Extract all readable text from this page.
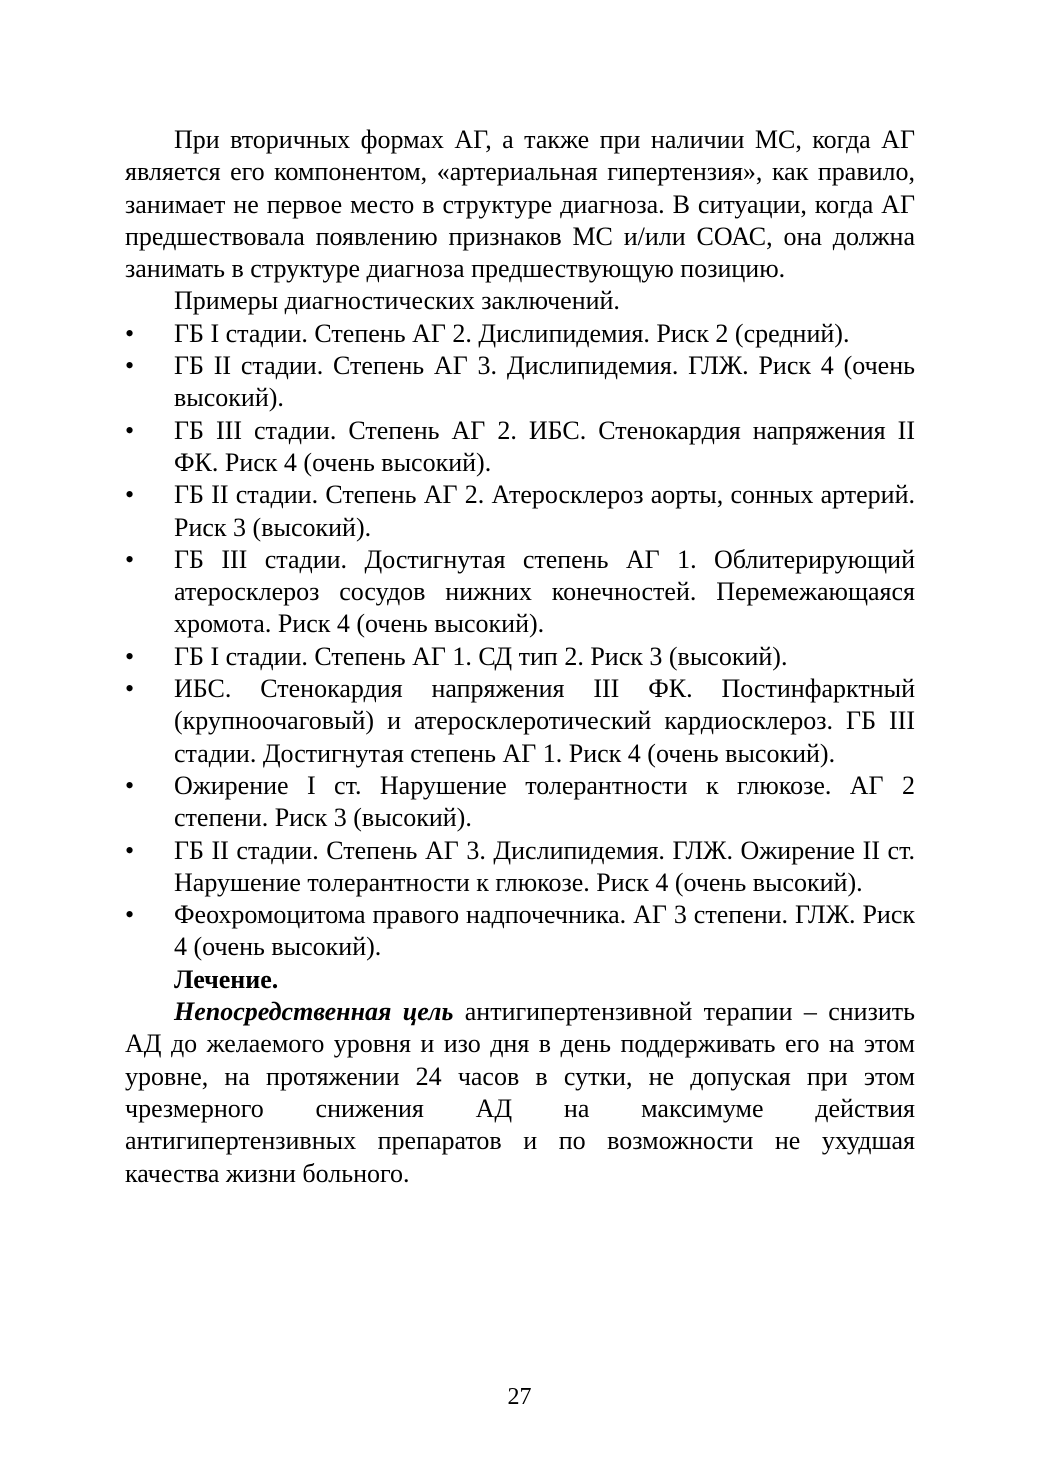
При вторичных формах АГ, а также при наличии МС, когда АГ является его компонентом, «артериальная гипертензия», как правило, занимает не первое место в структуре диагноза. В ситуации, когда АГ предшествовала появлению признаков МС и/или СОАС, она должна занимать в структуре диагноза предшествующую позицию.

Примеры диагностических заключений.

• ГБ I стадии. Степень АГ 2. Дислипидемия. Риск 2 (средний).
• ГБ II стадии. Степень АГ 3. Дислипидемия. ГЛЖ. Риск 4 (очень высокий).
• ГБ III стадии. Степень АГ 2. ИБС. Стенокардия напряжения II ФК. Риск 4 (очень высокий).
• ГБ II стадии. Степень АГ 2. Атеросклероз аорты, сонных артерий. Риск 3 (высокий).
• ГБ III стадии. Достигнутая степень АГ 1. Облитерирующий атеросклероз сосудов нижних конечностей. Перемежающаяся хромота. Риск 4 (очень высокий).
• ГБ I стадии. Степень АГ 1. СД тип 2. Риск 3 (высокий).
• ИБС. Стенокардия напряжения III ФК. Постинфарктный (крупноочаговый) и атеросклеротический кардиосклероз. ГБ III стадии. Достигнутая степень АГ 1. Риск 4 (очень высокий).
• Ожирение I ст. Нарушение толерантности к глюкозе. АГ 2 степени. Риск 3 (высокий).
• ГБ II стадии. Степень АГ 3. Дислипидемия. ГЛЖ. Ожирение II ст. Нарушение толерантности к глюкозе. Риск 4 (очень высокий).
• Феохромоцитома правого надпочечника. АГ 3 степени. ГЛЖ. Риск 4 (очень высокий).

Лечение.

Непосредственная цель антигипертензивной терапии – снизить АД до желаемого уровня и изо дня в день поддерживать его на этом уровне, на протяжении 24 часов в сутки, не допуская при этом чрезмерного снижения АД на максимуме действия антигипертензивных препаратов и по возможности не ухудшая качества жизни больного.

27
